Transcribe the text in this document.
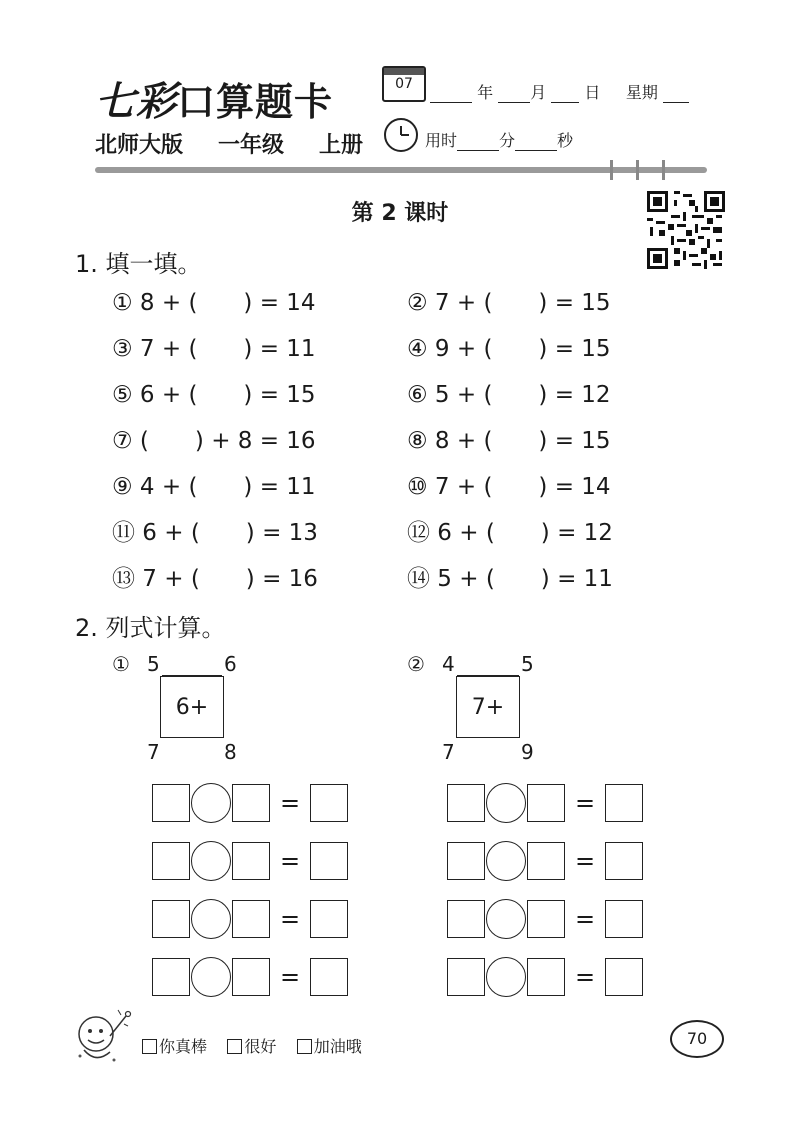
七彩口算题卡	07	年 月 日 星期
北师大版 一年级 上册	用时	分	秒
第 2 课时
1. 填一填。
① 8 + (　　) = 14	② 7 + (　　) = 15
③ 7 + (　　) = 11	④ 9 + (　　) = 15
⑤ 6 + (　　) = 15	⑥ 5 + (　　) = 12
⑦ (　　) + 8 = 16	⑧ 8 + (　　) = 15
⑨ 4 + (　　) = 11	⑩ 7 + (　　) = 14
⑪ 6 + (　　) = 13	⑫ 6 + (　　) = 12
⑬ 7 + (　　) = 16	⑭ 5 + (　　) = 11
2. 列式计算。
① 5	6
6+
7	8
② 4	5
7+
7	9
=
=
=
=
=
=
=
=
你真棒 很好 加油哦	70
